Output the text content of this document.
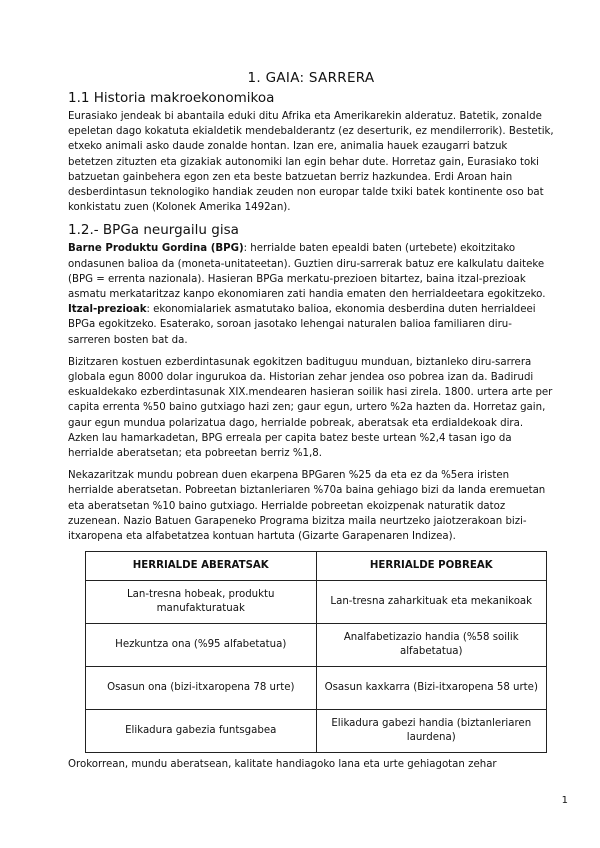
1. GAIA: SARRERA
1.1 Historia makroekonomikoa

Eurasiako jendeak bi abantaila eduki ditu Afrika eta Amerikarekin alderatuz. Batetik, zonalde epeletan dago kokatuta ekialdetik mendebalderantz (ez deserturik, ez mendilerrorik). Bestetik, etxeko animali asko daude zonalde hontan. Izan ere, animalia hauek ezaugarri batzuk betetzen zituzten eta gizakiak autonomiki lan egin behar dute. Horretaz gain, Eurasiako toki batzuetan gainbehera egon zen eta beste batzuetan berriz hazkundea. Erdi Aroan hain desberdintasun teknologiko handiak zeuden non europar talde txiki batek kontinente oso bat konkistatu zuen (Kolonek Amerika 1492an).

1.2.- BPGa neurgailu gisa

Barne Produktu Gordina (BPG): herrialde baten epealdi baten (urtebete) ekoitzitako ondasunen balioa da (moneta-unitateetan). Guztien diru-sarrerak batuz ere kalkulatu daiteke (BPG = errenta nazionala). Hasieran BPGa merkatu-prezioen bitartez, baina itzal-prezioak asmatu merkataritzaz kanpo ekonomiaren zati handia ematen den herrialdeetara egokitzeko. Itzal-prezioak: ekonomialariek asmatutako balioa, ekonomia desberdina duten herrialdeei BPGa egokitzeko. Esaterako, soroan jasotako lehengai naturalen balioa familiaren diru-sarreren bosten bat da.

Bizitzaren kostuen ezberdintasunak egokitzen badituguu munduan, biztanleko diru-sarrera globala egun 8000 dolar ingurukoa da. Historian zehar jendea oso pobrea izan da. Badirudi eskualdekako ezberdintasunak XIX.mendearen hasieran soilik hasi zirela. 1800. urtera arte per capita errenta %50 baino gutxiago hazi zen; gaur egun, urtero %2a hazten da. Horretaz gain, gaur egun mundua polarizatua dago, herrialde pobreak, aberatsak eta erdialdekoak dira. Azken lau hamarkadetan, BPG erreala per capita batez beste urtean %2,4 tasan igo da herrialde aberatsetan; eta pobreetan berriz %1,8.

Nekazaritzak mundu pobrean duen ekarpena BPGaren %25 da eta ez da %5era iristen herrialde aberatsetan. Pobreetan biztanleriaren %70a baina gehiago bizi da landa eremuetan eta aberatsetan %10 baino gutxiago. Herrialde pobreetan ekoizpenak naturatik datoz zuzenean. Nazio Batuen Garapeneko Programa bizitza maila neurtzeko jaiotzerakoan bizi-itxaropena eta alfabetatzea kontuan hartuta (Gizarte Garapenaren Indizea).

HERRIALDE ABERATSAK	HERRIALDE POBREAK
Lan-tresna hobeak, produktu manufakturatuak	Lan-tresna zaharkituak eta mekanikoak
Hezkuntza ona (%95 alfabetatua)	Analfabetizazio handia (%58 soilik alfabetatua)
Osasun ona (bizi-itxaropena 78 urte)	Osasun kaxkarra (Bizi-itxaropena 58 urte)
Elikadura gabezia funtsgabea	Elikadura gabezi handia (biztanleriaren laurdena)

Orokorrean, mundu aberatsean, kalitate handiagoko lana eta urte gehiagotan zehar

1
